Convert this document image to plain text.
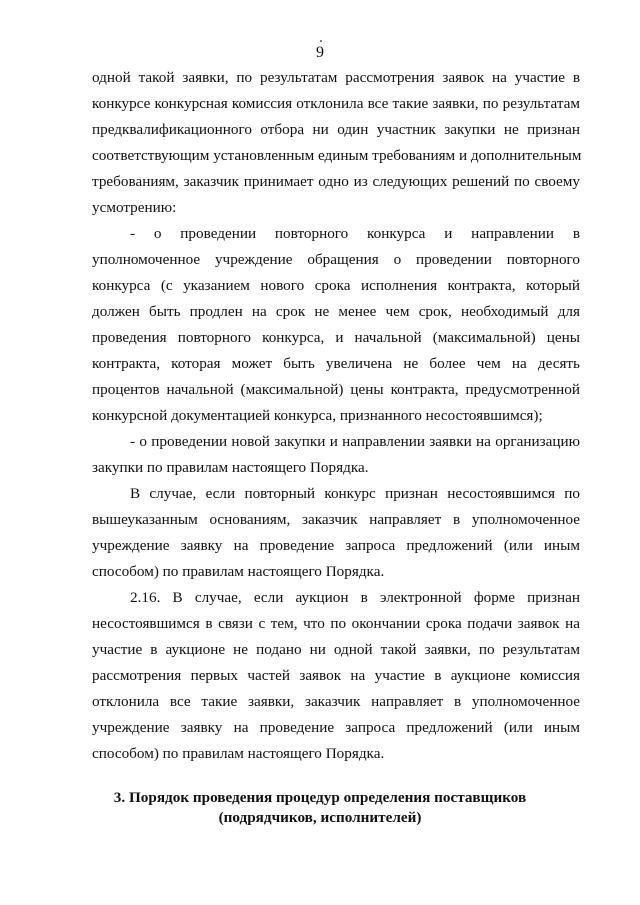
9
одной такой заявки, по результатам рассмотрения заявок на участие в
конкурсе конкурсная комиссия отклонила все такие заявки, по результатам
предквалификационного отбора ни один участник закупки не признан
соответствующим установленным единым требованиям и дополнительным
требованиям, заказчик принимает одно из следующих решений по своему
усмотрению:
- о проведении повторного конкурса и направлении в
уполномоченное учреждение обращения о проведении повторного
конкурса (с указанием нового срока исполнения контракта, который
должен быть продлен на срок не менее чем срок, необходимый для
проведения повторного конкурса, и начальной (максимальной) цены
контракта, которая может быть увеличена не более чем на десять
процентов начальной (максимальной) цены контракта, предусмотренной
конкурсной документацией конкурса, признанного несостоявшимся);
- о проведении новой закупки и направлении заявки на организацию
закупки по правилам настоящего Порядка.
В случае, если повторный конкурс признан несостоявшимся по
вышеуказанным основаниям, заказчик направляет в уполномоченное
учреждение заявку на проведение запроса предложений (или иным
способом) по правилам настоящего Порядка.
2.16. В случае, если аукцион в электронной форме признан
несостоявшимся в связи с тем, что по окончании срока подачи заявок на
участие в аукционе не подано ни одной такой заявки, по результатам
рассмотрения первых частей заявок на участие в аукционе комиссия
отклонила все такие заявки, заказчик направляет в уполномоченное
учреждение заявку на проведение запроса предложений (или иным
способом) по правилам настоящего Порядка.
3. Порядок проведения процедур определения поставщиков
(подрядчиков, исполнителей)
